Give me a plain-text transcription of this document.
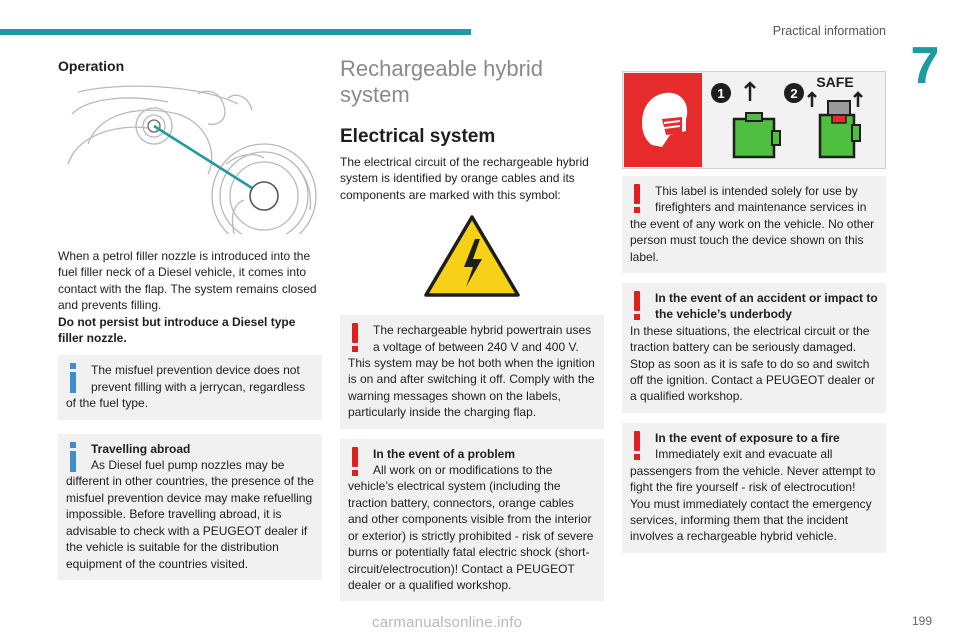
Practical information
7
Operation

When a petrol filler nozzle is introduced into the fuel filler neck of a Diesel vehicle, it comes into contact with the flap. The system remains closed and prevents filling.

Do not persist but introduce a Diesel type filler nozzle.

The misfuel prevention device does not prevent filling with a jerrycan, regardless
of the fuel type.
Travelling abroad
As Diesel fuel pump nozzles may be
different in other countries, the presence of the misfuel prevention device may make refuelling impossible. Before travelling abroad, it is advisable to check with a PEUGEOT dealer if the vehicle is suitable for the distribution equipment of the countries visited.
Rechargeable hybrid system
Electrical system

The electrical circuit of the rechargeable hybrid system is identified by orange cables and its components are marked with this symbol:

The rechargeable hybrid powertrain uses a voltage of between 240 V and 400 V.
This system may be hot both when the ignition is on and after switching it off. Comply with the warning messages shown on the labels, particularly inside the charging flap.
In the event of a problem
All work on or modifications to the
vehicle’s electrical system (including the traction battery, connectors, orange cables and other components visible from the interior or exterior) is strictly prohibited - risk of severe burns or potentially fatal electric shock (short-circuit/electrocution)! Contact a PEUGEOT dealer or a qualified workshop.
1	2
SAFE
This label is intended solely for use by firefighters and maintenance services in
the event of any work on the vehicle. No other person must touch the device shown on this label.
In the event of an accident or impact to the vehicle’s underbody
In these situations, the electrical circuit or the traction battery can be seriously damaged. Stop as soon as it is safe to do so and switch off the ignition. Contact a PEUGEOT dealer or a qualified workshop.
In the event of exposure to a fire
Immediately exit and evacuate all
passengers from the vehicle. Never attempt to fight the fire yourself - risk of electrocution! You must immediately contact the emergency services, informing them that the incident involves a rechargeable hybrid vehicle.
carmanualsonline.info	199
